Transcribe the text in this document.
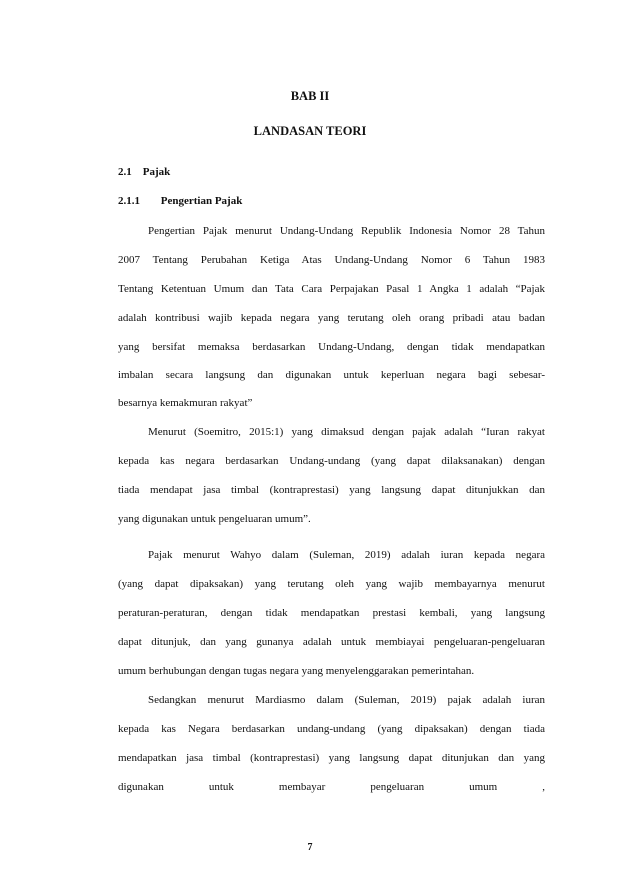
BAB II
LANDASAN TEORI
2.1 Pajak
2.1.1 Pengertian Pajak
Pengertian Pajak menurut Undang-Undang Republik Indonesia Nomor 28 Tahun
2007 Tentang Perubahan Ketiga Atas Undang-Undang Nomor 6 Tahun 1983
Tentang Ketentuan Umum dan Tata Cara Perpajakan Pasal 1 Angka 1 adalah “Pajak
adalah kontribusi wajib kepada negara yang terutang oleh orang pribadi atau badan
yang bersifat memaksa berdasarkan Undang-Undang, dengan tidak mendapatkan
imbalan secara langsung dan digunakan untuk keperluan negara bagi sebesar-
besarnya kemakmuran rakyat”
Menurut (Soemitro, 2015:1) yang dimaksud dengan pajak adalah “Iuran rakyat
kepada kas negara berdasarkan Undang-undang (yang dapat dilaksanakan) dengan
tiada mendapat jasa timbal (kontraprestasi) yang langsung dapat ditunjukkan dan
yang digunakan untuk pengeluaran umum”.
Pajak menurut Wahyo dalam (Suleman, 2019) adalah iuran kepada negara
(yang dapat dipaksakan) yang terutang oleh yang wajib membayarnya menurut
peraturan-peraturan, dengan tidak mendapatkan prestasi kembali, yang langsung
dapat ditunjuk, dan yang gunanya adalah untuk membiayai pengeluaran-pengeluaran
umum berhubungan dengan tugas negara yang menyelenggarakan pemerintahan.
Sedangkan menurut Mardiasmo dalam (Suleman, 2019) pajak adalah iuran
kepada kas Negara berdasarkan undang-undang (yang dipaksakan) dengan tiada
mendapatkan jasa timbal (kontraprestasi) yang langsung dapat ditunjukan dan yang
digunakan untuk membayar pengeluaran umum ,
7
